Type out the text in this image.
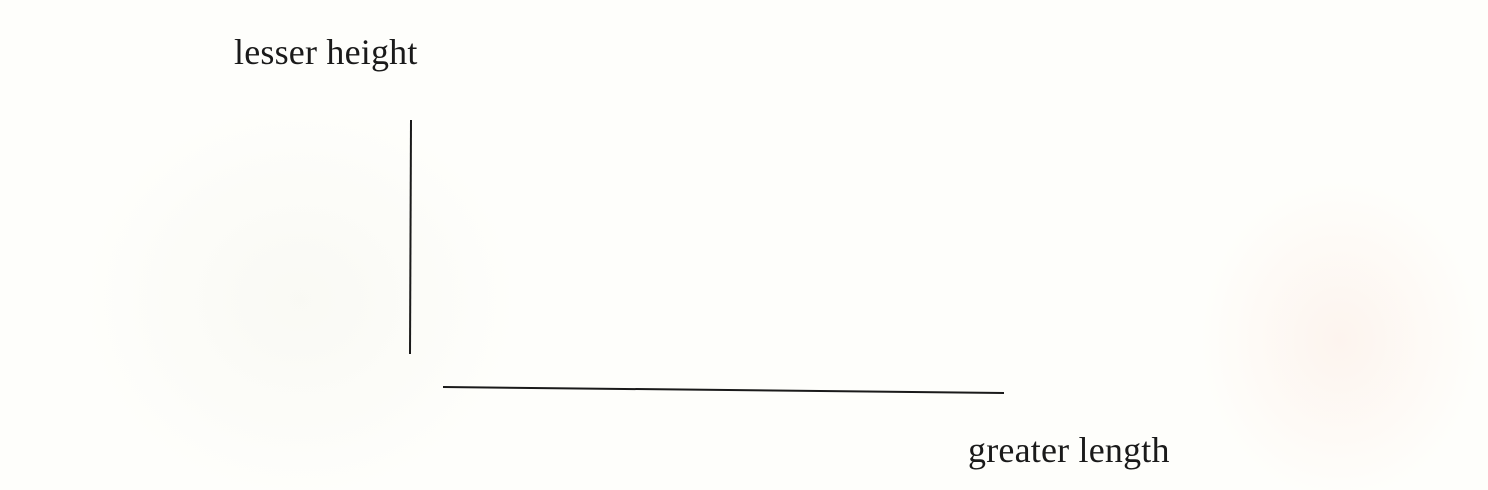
lesser height
greater length
